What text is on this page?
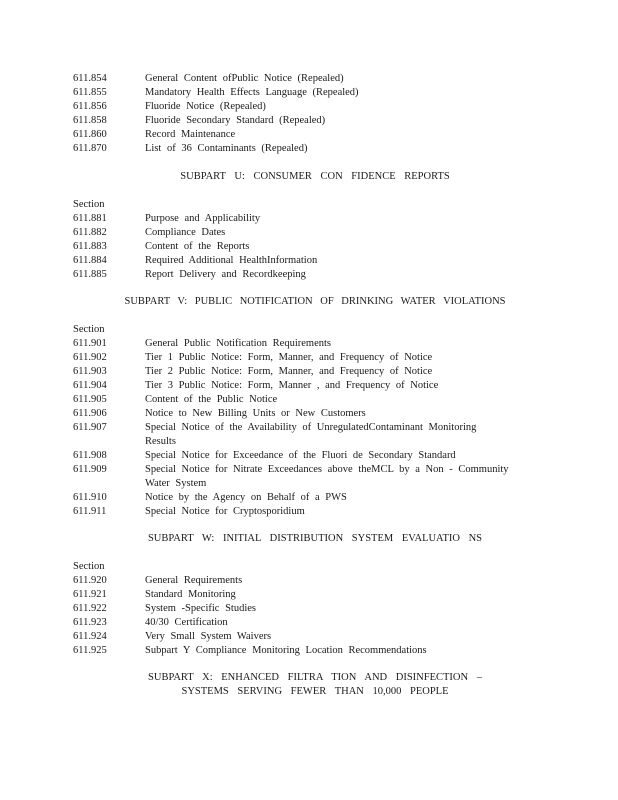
611.854	General Content ofPublic Notice (Repealed)
611.855	Mandatory Health Effects Language (Repealed)
611.856	Fluoride Notice (Repealed)
611.858	Fluoride Secondary Standard (Repealed)
611.860	Record Maintenance
611.870	List of 36 Contaminants (Repealed)
SUBPART U: CONSUMER CON FIDENCE REPORTS
Section
611.881	Purpose and Applicability
611.882	Compliance Dates
611.883	Content of the Reports
611.884	Required Additional HealthInformation
611.885	Report Delivery and Recordkeeping
SUBPART V: PUBLIC NOTIFICATION OF DRINKING WATER VIOLATIONS
Section
611.901	General Public Notification Requirements
611.902	Tier 1 Public Notice: Form, Manner, and Frequency of Notice
611.903	Tier 2 Public Notice: Form, Manner, and Frequency of Notice
611.904	Tier 3 Public Notice: Form, Manner , and Frequency of Notice
611.905	Content of the Public Notice
611.906	Notice to New Billing Units or New Customers
611.907	Special Notice of the Availability of UnregulatedContaminant Monitoring
Results
611.908	Special Notice for Exceedance of the Fluori de Secondary Standard
611.909	Special Notice for Nitrate Exceedances above theMCL by a Non - Community
Water System
611.910	Notice by the Agency on Behalf of a PWS
611.911	Special Notice for Cryptosporidium
SUBPART W: INITIAL DISTRIBUTION SYSTEM EVALUATIO NS
Section
611.920	General Requirements
611.921	Standard Monitoring
611.922	System -Specific Studies
611.923	40/30 Certification
611.924	Very Small System Waivers
611.925	Subpart Y Compliance Monitoring Location Recommendations
SUBPART X: ENHANCED FILTRA TION AND DISINFECTION –
SYSTEMS SERVING FEWER THAN 10,000 PEOPLE
